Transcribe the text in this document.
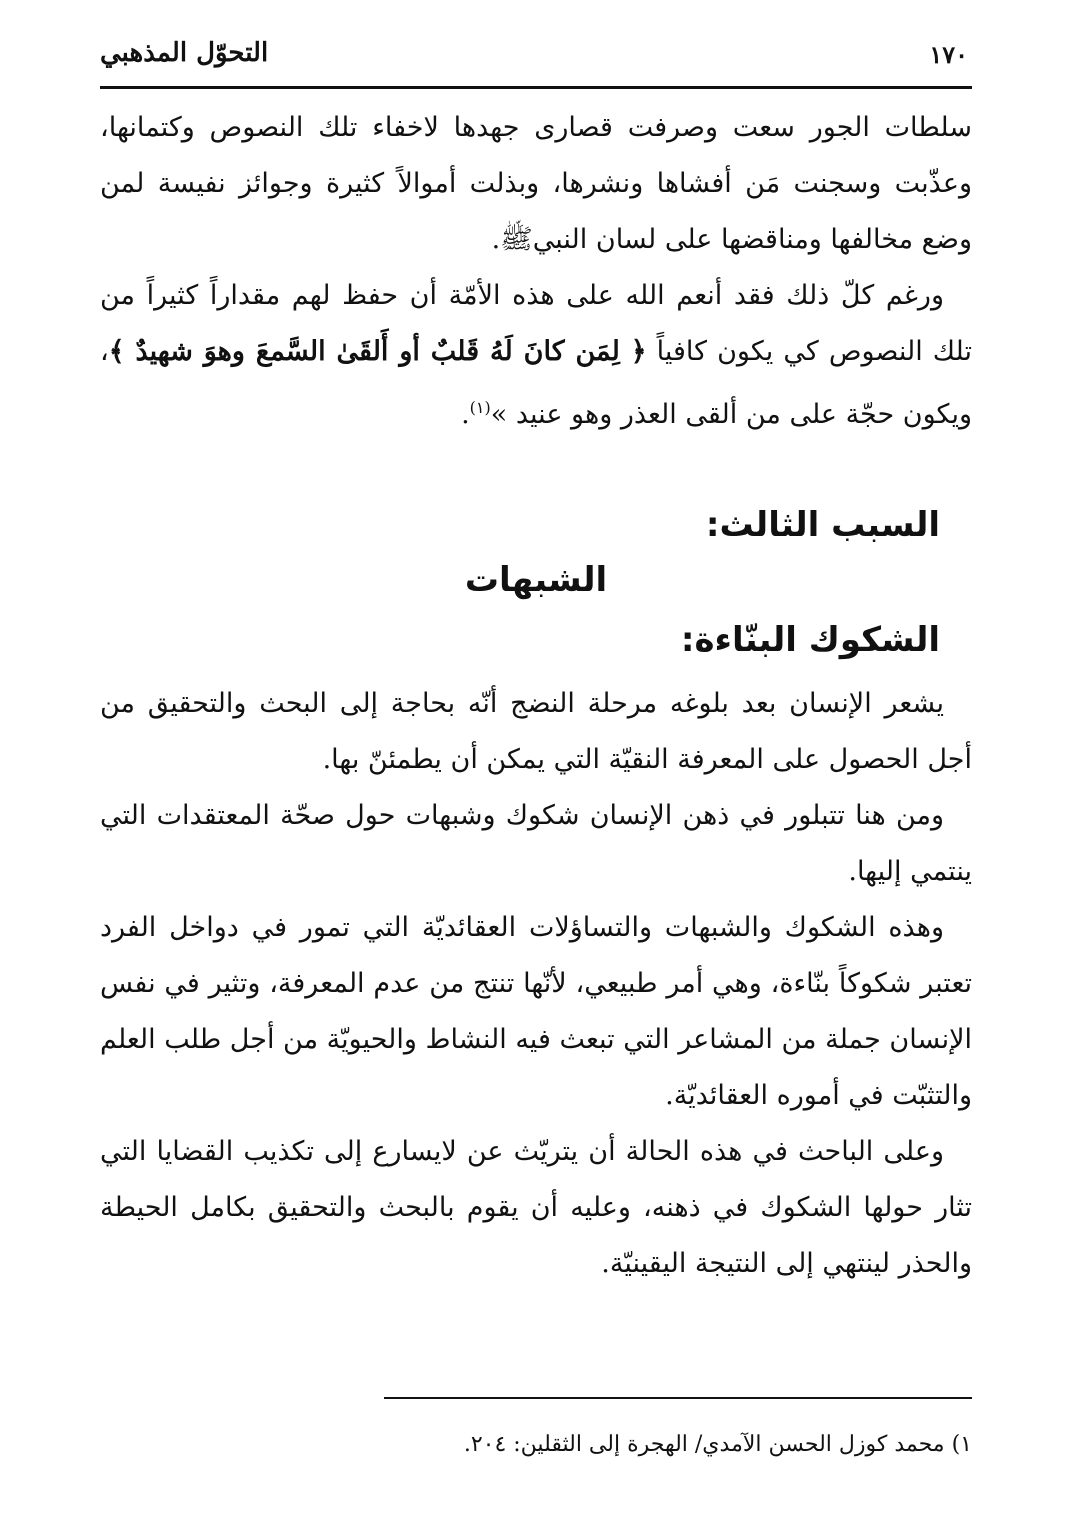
١٧٠
التحوّل المذهبي

سلطات الجور سعت وصرفت قصارى جهدها لاخفاء تلك النصوص وكتمانها، وعذّبت وسجنت مَن أفشاها ونشرها، وبذلت أموالاً كثيرة وجوائز نفيسة لمن وضع مخالفها ومناقضها على لسان النبيﷺ.

ورغم كلّ ذلك فقد أنعم الله على هذه الأمّة أن حفظ لهم مقداراً كثيراً من تلك النصوص كي يكون كافياً ﴿ لِمَن كانَ لَهُ قَلبٌ أو أَلقَىٰ السَّمعَ وهوَ شهيدٌ ﴾، ويكون حجّة على من ألقى العذر وهو عنيد »$^{(١)}$.

السبب الثالث:
الشبهات
الشكوك البنّاءة:

يشعر الإنسان بعد بلوغه مرحلة النضج أنّه بحاجة إلى البحث والتحقيق من أجل الحصول على المعرفة النقيّة التي يمكن أن يطمئنّ بها.

ومن هنا تتبلور في ذهن الإنسان شكوك وشبهات حول صحّة المعتقدات التي ينتمي إليها.

وهذه الشكوك والشبهات والتساؤلات العقائديّة التي تمور في دواخل الفرد تعتبر شكوكاً بنّاءة، وهي أمر طبيعي، لأنّها تنتج من عدم المعرفة، وتثير في نفس الإنسان جملة من المشاعر التي تبعث فيه النشاط والحيويّة من أجل طلب العلم والتثبّت في أموره العقائديّة.

وعلى الباحث في هذه الحالة أن يتريّث عن لايسارع إلى تكذيب القضايا التي تثار حولها الشكوك في ذهنه، وعليه أن يقوم بالبحث والتحقيق بكامل الحيطة والحذر لينتهي إلى النتيجة اليقينيّة.

١) محمد كوزل الحسن الآمدي/ الهجرة إلى الثقلين: ٢٠٤.
